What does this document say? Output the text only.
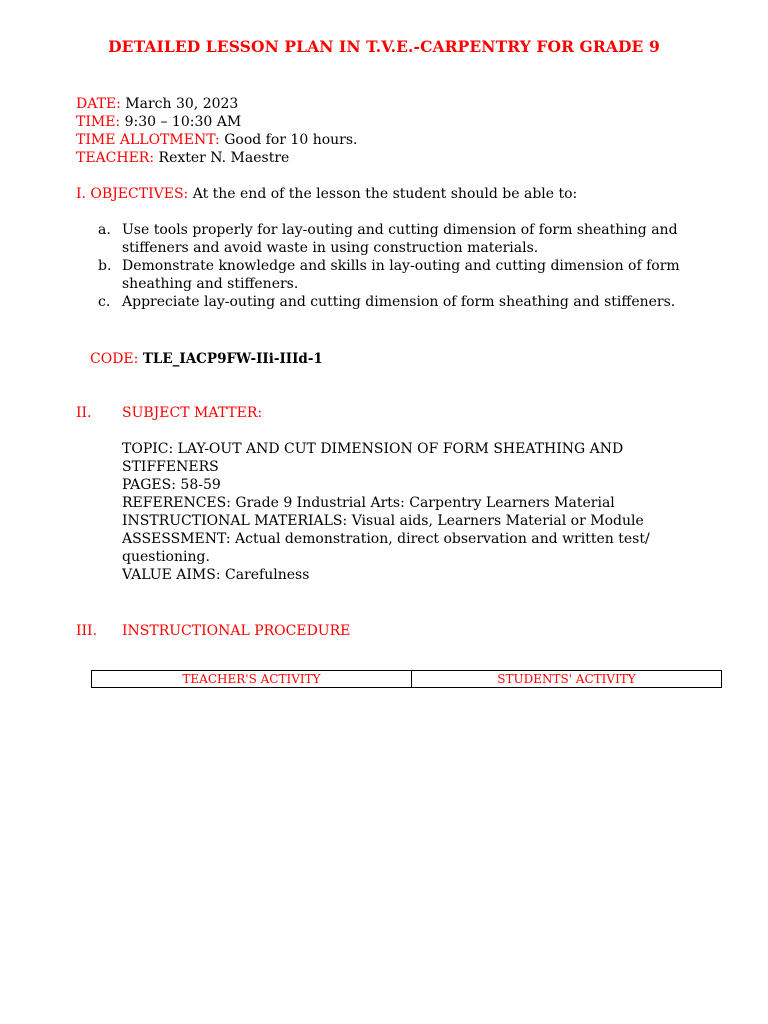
DETAILED LESSON PLAN IN T.V.E.-CARPENTRY FOR GRADE 9
DATE: March 30, 2023
TIME: 9:30 – 10:30 AM
TIME ALLOTMENT: Good for 10 hours.
TEACHER: Rexter N. Maestre
I. OBJECTIVES: At the end of the lesson the student should be able to:
a. Use tools properly for lay-outing and cutting dimension of form sheathing and stiffeners and avoid waste in using construction materials.
b. Demonstrate knowledge and skills in lay-outing and cutting dimension of form sheathing and stiffeners.
c. Appreciate lay-outing and cutting dimension of form sheathing and stiffeners.
CODE: TLE_IACP9FW-IIi-IIId-1
II. SUBJECT MATTER:
TOPIC: LAY-OUT AND CUT DIMENSION OF FORM SHEATHING AND STIFFENERS
PAGES: 58-59
REFERENCES: Grade 9 Industrial Arts: Carpentry Learners Material
INSTRUCTIONAL MATERIALS: Visual aids, Learners Material or Module
ASSESSMENT: Actual demonstration, direct observation and written test/ questioning.
VALUE AIMS: Carefulness
III. INSTRUCTIONAL PROCEDURE
TEACHER'S ACTIVITY	STUDENTS' ACTIVITY
